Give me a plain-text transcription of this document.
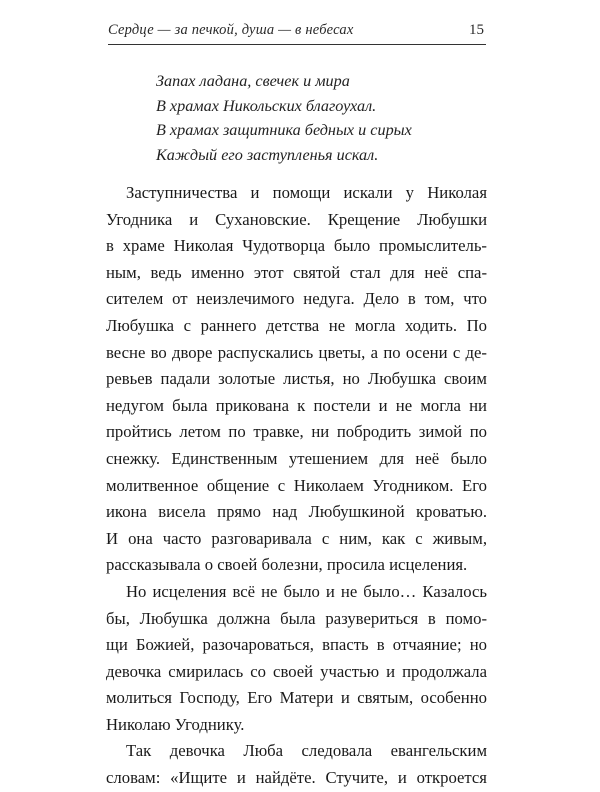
Сердце — за печкой, душа — в небесах	15
Запах ладана, свечек и мира
В храмах Никольских благоухал.
В храмах защитника бедных и сирых
Каждый его заступленья искал.
Заступничества и помощи искали у Николая
Угодника и Сухановские. Крещение Любушки
в храме Николая Чудотворца было промыслитель-
ным, ведь именно этот святой стал для неё спа-
сителем от неизлечимого недуга. Дело в том, что
Любушка с раннего детства не могла ходить. По
весне во дворе распускались цветы, а по осени с де-
ревьев падали золотые листья, но Любушка своим
недугом была прикована к постели и не могла ни
пройтись летом по травке, ни побродить зимой по
снежку. Единственным утешением для неё было
молитвенное общение с Николаем Угодником. Его
икона висела прямо над Любушкиной кроватью.
И она часто разговаривала с ним, как с живым,
рассказывала о своей болезни, просила исцеления.
Но исцеления всё не было и не было… Казалось
бы, Любушка должна была разувериться в помо-
щи Божией, разочароваться, впасть в отчаяние; но
девочка смирилась со своей участью и продолжала
молиться Господу, Его Матери и святым, особенно
Николаю Угоднику.
Так девочка Люба следовала евангельским
словам: «Ищите и найдёте. Стучите, и откроется
